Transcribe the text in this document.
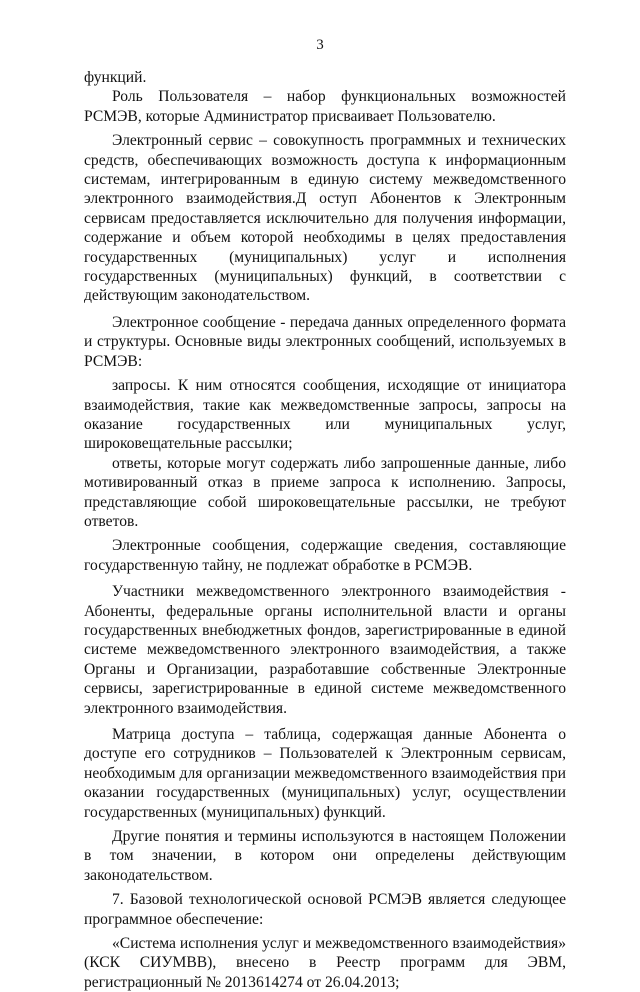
3

функций.

Роль Пользователя – набор функциональных возможностей РСМЭВ, которые Администратор присваивает Пользователю.

Электронный сервис – совокупность программных и технических средств, обеспечивающих возможность доступа к информационным системам, интегрированным в единую систему межведомственного электронного взаимодействия.Д оступ Абонентов к Электронным сервисам предоставляется исключительно для получения информации, содержание и объем которой необходимы в целях предоставления государственных (муниципальных) услуг и исполнения государственных (муниципальных) функций, в соответствии с действующим законодательством.

Электронное сообщение - передача данных определенного формата и структуры. Основные виды электронных сообщений, используемых в РСМЭВ:

запросы. К ним относятся сообщения, исходящие от инициатора взаимодействия, такие как межведомственные запросы, запросы на оказание государственных или муниципальных услуг, широковещательные рассылки;

ответы, которые могут содержать либо запрошенные данные, либо мотивированный отказ в приеме запроса к исполнению. Запросы, представляющие собой широковещательные рассылки, не требуют ответов.

Электронные сообщения, содержащие сведения, составляющие государственную тайну, не подлежат обработке в РСМЭВ.

Участники межведомственного электронного взаимодействия - Абоненты, федеральные органы исполнительной власти и органы государственных внебюджетных фондов, зарегистрированные в единой системе межведомственного электронного взаимодействия, а также Органы и Организации, разработавшие собственные Электронные сервисы, зарегистрированные в единой системе межведомственного электронного взаимодействия.

Матрица доступа – таблица, содержащая данные Абонента о доступе его сотрудников – Пользователей к Электронным сервисам, необходимым для организации межведомственного взаимодействия при оказании государственных (муниципальных) услуг, осуществлении государственных (муниципальных) функций.

Другие понятия и термины используются в настоящем Положении в том значении, в котором они определены действующим законодательством.

7. Базовой технологической основой РСМЭВ является следующее программное обеспечение:

«Система исполнения услуг и межведомственного взаимодействия» (КСК СИУМВВ), внесено в Реестр программ для ЭВМ, регистрационный № 2013614274 от 26.04.2013;
